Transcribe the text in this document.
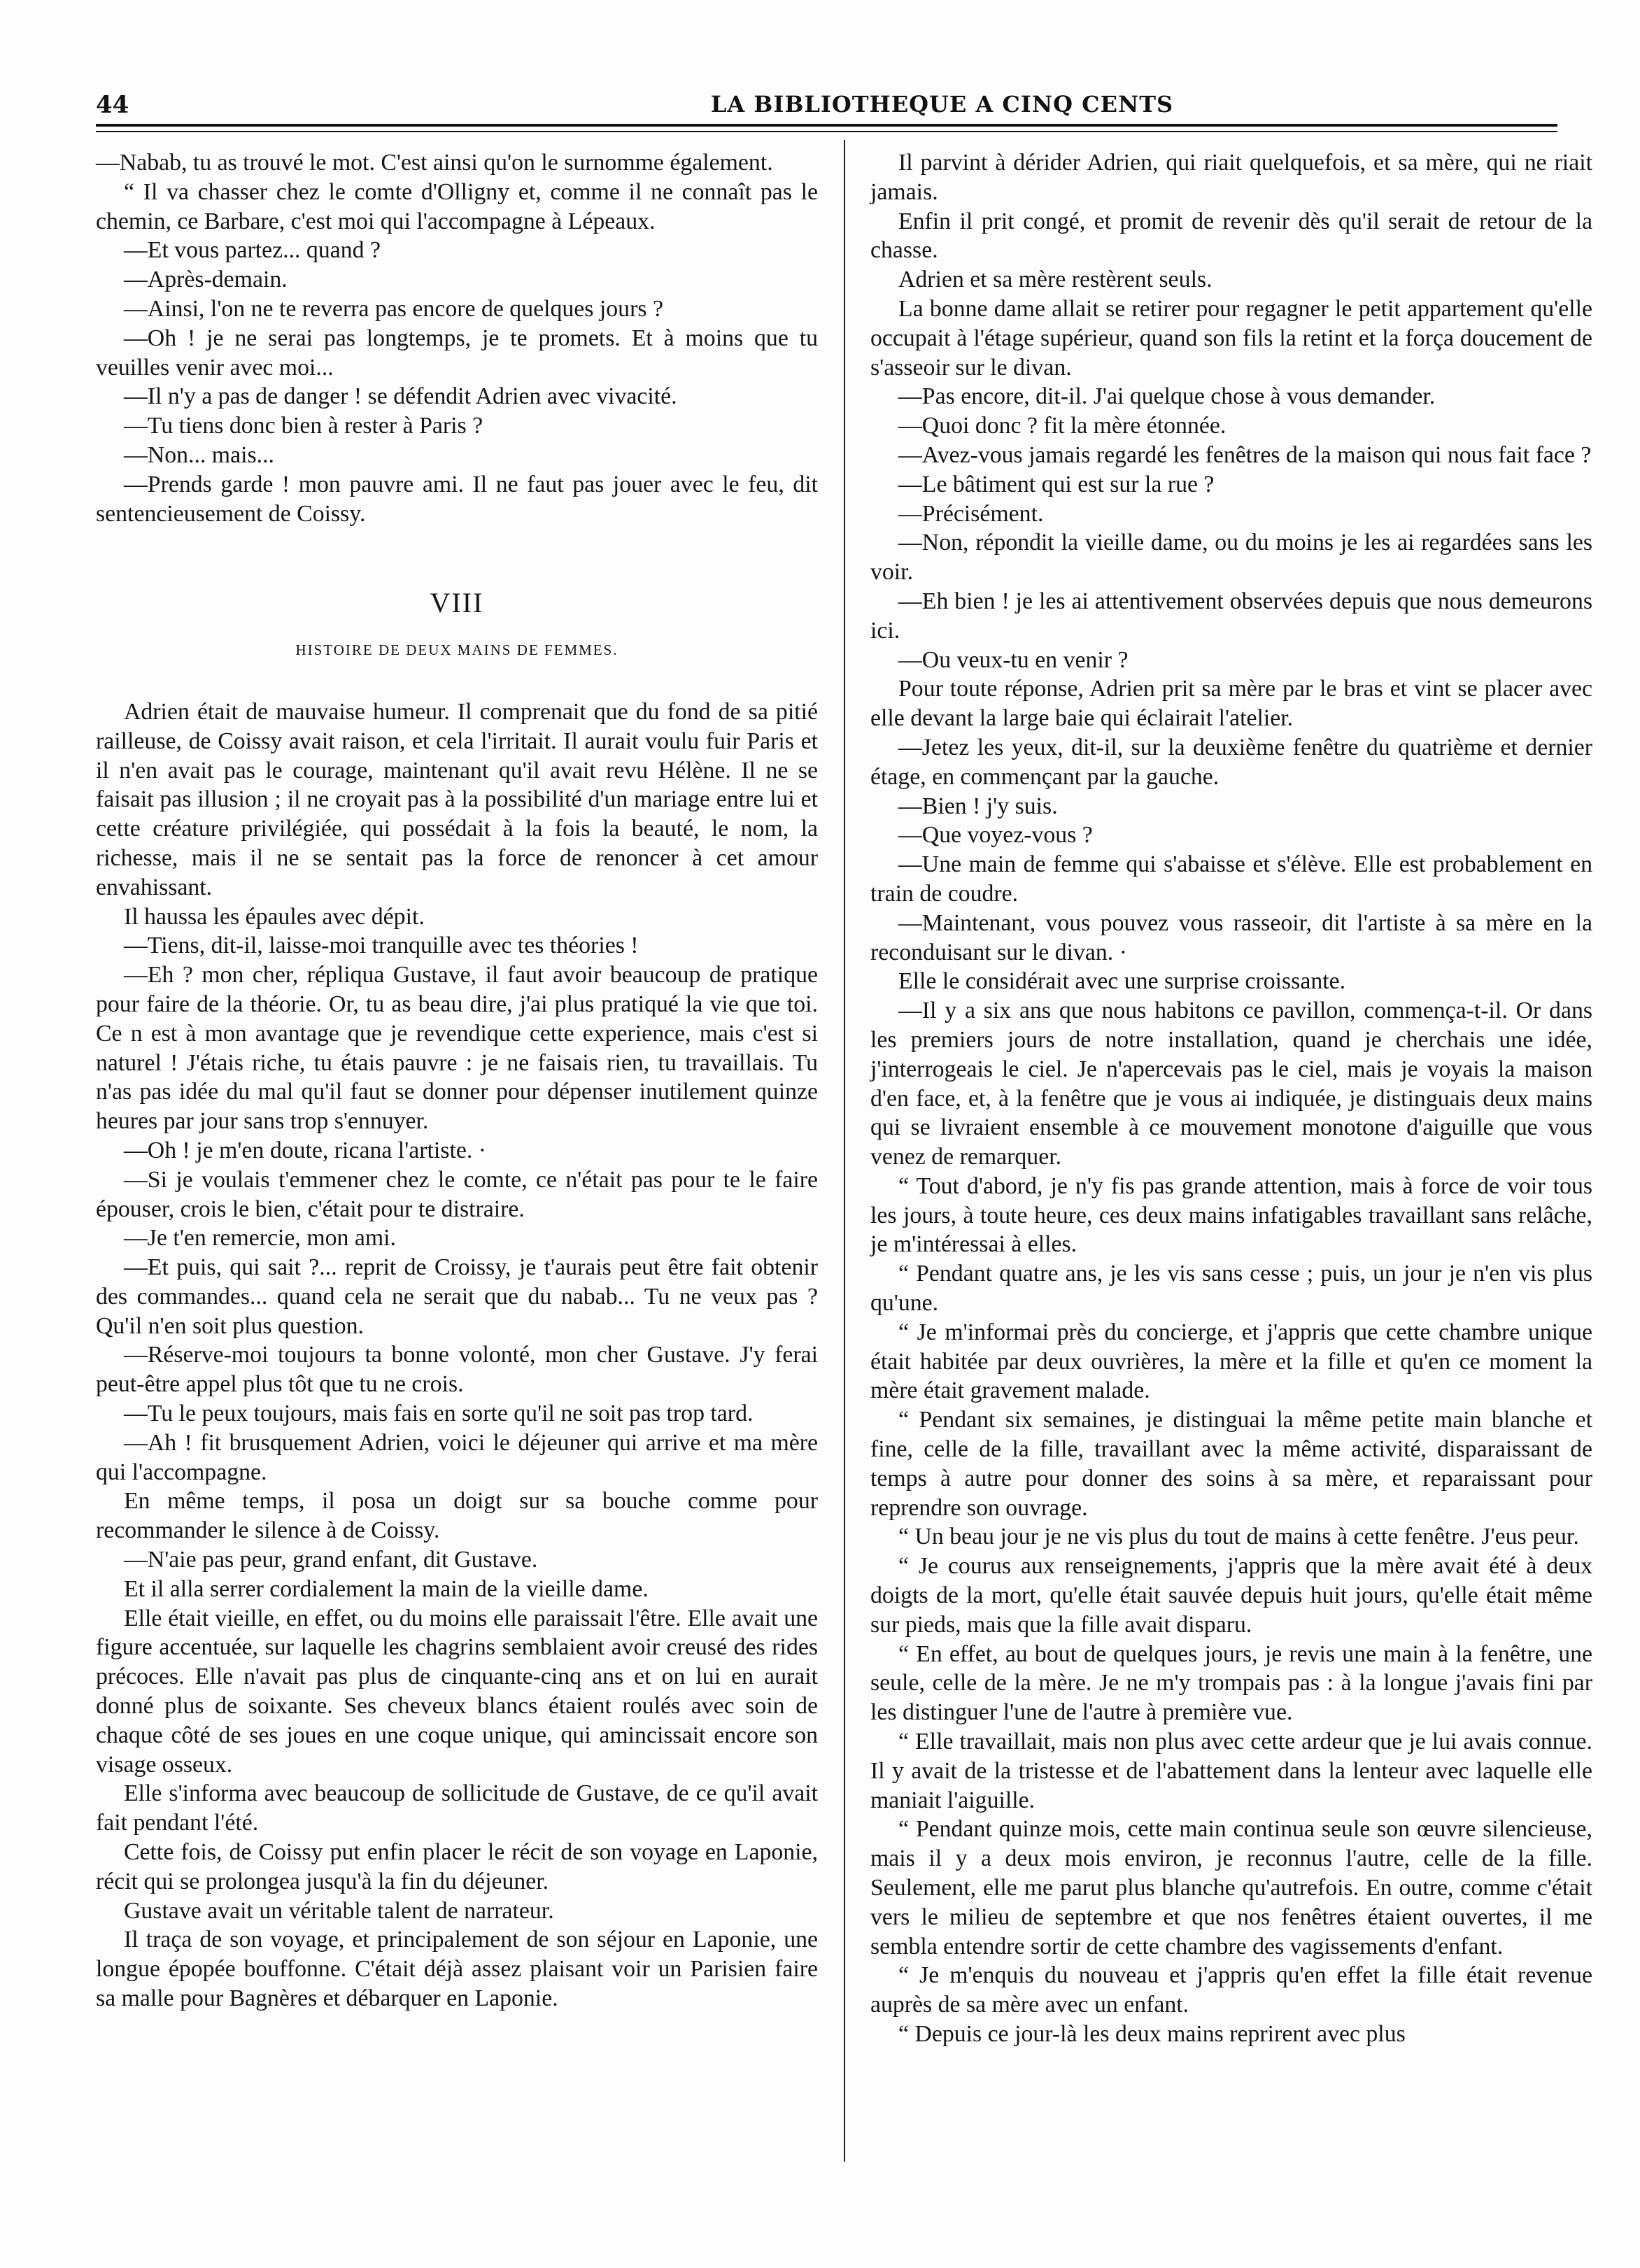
44	LA BIBLIOTHEQUE A CINQ CENTS

—Nabab, tu as trouvé le mot. C'est ainsi qu'on le surnomme également.

“ Il va chasser chez le comte d'Olligny et, comme il ne connaît pas le chemin, ce Barbare, c'est moi qui l'accompagne à Lépeaux.

—Et vous partez... quand ?

—Après-demain.

—Ainsi, l'on ne te reverra pas encore de quelques jours ?

—Oh ! je ne serai pas longtemps, je te promets. Et à moins que tu veuilles venir avec moi...

—Il n'y a pas de danger ! se défendit Adrien avec vivacité.

—Tu tiens donc bien à rester à Paris ?

—Non... mais...

—Prends garde ! mon pauvre ami. Il ne faut pas jouer avec le feu, dit sentencieusement de Coissy.

VIII

HISTOIRE DE DEUX MAINS DE FEMMES.

Adrien était de mauvaise humeur. Il comprenait que du fond de sa pitié railleuse, de Coissy avait raison, et cela l'irritait. Il aurait voulu fuir Paris et il n'en avait pas le courage, maintenant qu'il avait revu Hélène. Il ne se faisait pas illusion ; il ne croyait pas à la possibilité d'un mariage entre lui et cette créature privilégiée, qui possédait à la fois la beauté, le nom, la richesse, mais il ne se sentait pas la force de renoncer à cet amour envahissant.

Il haussa les épaules avec dépit.

—Tiens, dit-il, laisse-moi tranquille avec tes théories !

—Eh ? mon cher, répliqua Gustave, il faut avoir beaucoup de pratique pour faire de la théorie. Or, tu as beau dire, j'ai plus pratiqué la vie que toi. Ce n est à mon avantage que je revendique cette experience, mais c'est si naturel ! J'étais riche, tu étais pauvre : je ne faisais rien, tu travaillais. Tu n'as pas idée du mal qu'il faut se donner pour dépenser inutilement quinze heures par jour sans trop s'ennuyer.

—Oh ! je m'en doute, ricana l'artiste. ·

—Si je voulais t'emmener chez le comte, ce n'était pas pour te le faire épouser, crois le bien, c'était pour te distraire.

—Je t'en remercie, mon ami.

—Et puis, qui sait ?... reprit de Croissy, je t'aurais peut être fait obtenir des commandes... quand cela ne serait que du nabab... Tu ne veux pas ? Qu'il n'en soit plus question.

—Réserve-moi toujours ta bonne volonté, mon cher Gustave. J'y ferai peut-être appel plus tôt que tu ne crois.

—Tu le peux toujours, mais fais en sorte qu'il ne soit pas trop tard.

—Ah ! fit brusquement Adrien, voici le déjeuner qui arrive et ma mère qui l'accompagne.

En même temps, il posa un doigt sur sa bouche comme pour recommander le silence à de Coissy.

—N'aie pas peur, grand enfant, dit Gustave.

Et il alla serrer cordialement la main de la vieille dame.

Elle était vieille, en effet, ou du moins elle paraissait l'être. Elle avait une figure accentuée, sur laquelle les chagrins semblaient avoir creusé des rides précoces. Elle n'avait pas plus de cinquante-cinq ans et on lui en aurait donné plus de soixante. Ses cheveux blancs étaient roulés avec soin de chaque côté de ses joues en une coque unique, qui amincissait encore son visage osseux.

Elle s'informa avec beaucoup de sollicitude de Gustave, de ce qu'il avait fait pendant l'été.

Cette fois, de Coissy put enfin placer le récit de son voyage en Laponie, récit qui se prolongea jusqu'à la fin du déjeuner.

Gustave avait un véritable talent de narrateur.

Il traça de son voyage, et principalement de son séjour en Laponie, une longue épopée bouffonne. C'était déjà assez plaisant voir un Parisien faire sa malle pour Bagnères et débarquer en Laponie.

Il parvint à dérider Adrien, qui riait quelquefois, et sa mère, qui ne riait jamais.

Enfin il prit congé, et promit de revenir dès qu'il serait de retour de la chasse.

Adrien et sa mère restèrent seuls.

La bonne dame allait se retirer pour regagner le petit appartement qu'elle occupait à l'étage supérieur, quand son fils la retint et la força doucement de s'asseoir sur le divan.

—Pas encore, dit-il. J'ai quelque chose à vous demander.

—Quoi donc ? fit la mère étonnée.

—Avez-vous jamais regardé les fenêtres de la maison qui nous fait face ?

—Le bâtiment qui est sur la rue ?

—Précisément.

—Non, répondit la vieille dame, ou du moins je les ai regardées sans les voir.

—Eh bien ! je les ai attentivement observées depuis que nous demeurons ici.

—Ou veux-tu en venir ?

Pour toute réponse, Adrien prit sa mère par le bras et vint se placer avec elle devant la large baie qui éclairait l'atelier.

—Jetez les yeux, dit-il, sur la deuxième fenêtre du quatrième et dernier étage, en commençant par la gauche.

—Bien ! j'y suis.

—Que voyez-vous ?

—Une main de femme qui s'abaisse et s'élève. Elle est probablement en train de coudre.

—Maintenant, vous pouvez vous rasseoir, dit l'artiste à sa mère en la reconduisant sur le divan. ·

Elle le considérait avec une surprise croissante.

—Il y a six ans que nous habitons ce pavillon, commença-t-il. Or dans les premiers jours de notre installation, quand je cherchais une idée, j'interrogeais le ciel. Je n'apercevais pas le ciel, mais je voyais la maison d'en face, et, à la fenêtre que je vous ai indiquée, je distinguais deux mains qui se livraient ensemble à ce mouvement monotone d'aiguille que vous venez de remarquer.

“ Tout d'abord, je n'y fis pas grande attention, mais à force de voir tous les jours, à toute heure, ces deux mains infatigables travaillant sans relâche, je m'intéressai à elles.

“ Pendant quatre ans, je les vis sans cesse ; puis, un jour je n'en vis plus qu'une.

“ Je m'informai près du concierge, et j'appris que cette chambre unique était habitée par deux ouvrières, la mère et la fille et qu'en ce moment la mère était gravement malade.

“ Pendant six semaines, je distinguai la même petite main blanche et fine, celle de la fille, travaillant avec la même activité, disparaissant de temps à autre pour donner des soins à sa mère, et reparaissant pour reprendre son ouvrage.

“ Un beau jour je ne vis plus du tout de mains à cette fenêtre. J'eus peur.

“ Je courus aux renseignements, j'appris que la mère avait été à deux doigts de la mort, qu'elle était sauvée depuis huit jours, qu'elle était même sur pieds, mais que la fille avait disparu.

“ En effet, au bout de quelques jours, je revis une main à la fenêtre, une seule, celle de la mère. Je ne m'y trompais pas : à la longue j'avais fini par les distinguer l'une de l'autre à première vue.

“ Elle travaillait, mais non plus avec cette ardeur que je lui avais connue. Il y avait de la tristesse et de l'abattement dans la lenteur avec laquelle elle maniait l'aiguille.

“ Pendant quinze mois, cette main continua seule son œuvre silencieuse, mais il y a deux mois environ, je reconnus l'autre, celle de la fille. Seulement, elle me parut plus blanche qu'autrefois. En outre, comme c'était vers le milieu de septembre et que nos fenêtres étaient ouvertes, il me sembla entendre sortir de cette chambre des vagissements d'enfant.

“ Je m'enquis du nouveau et j'appris qu'en effet la fille était revenue auprès de sa mère avec un enfant.

“ Depuis ce jour-là les deux mains reprirent avec plus
